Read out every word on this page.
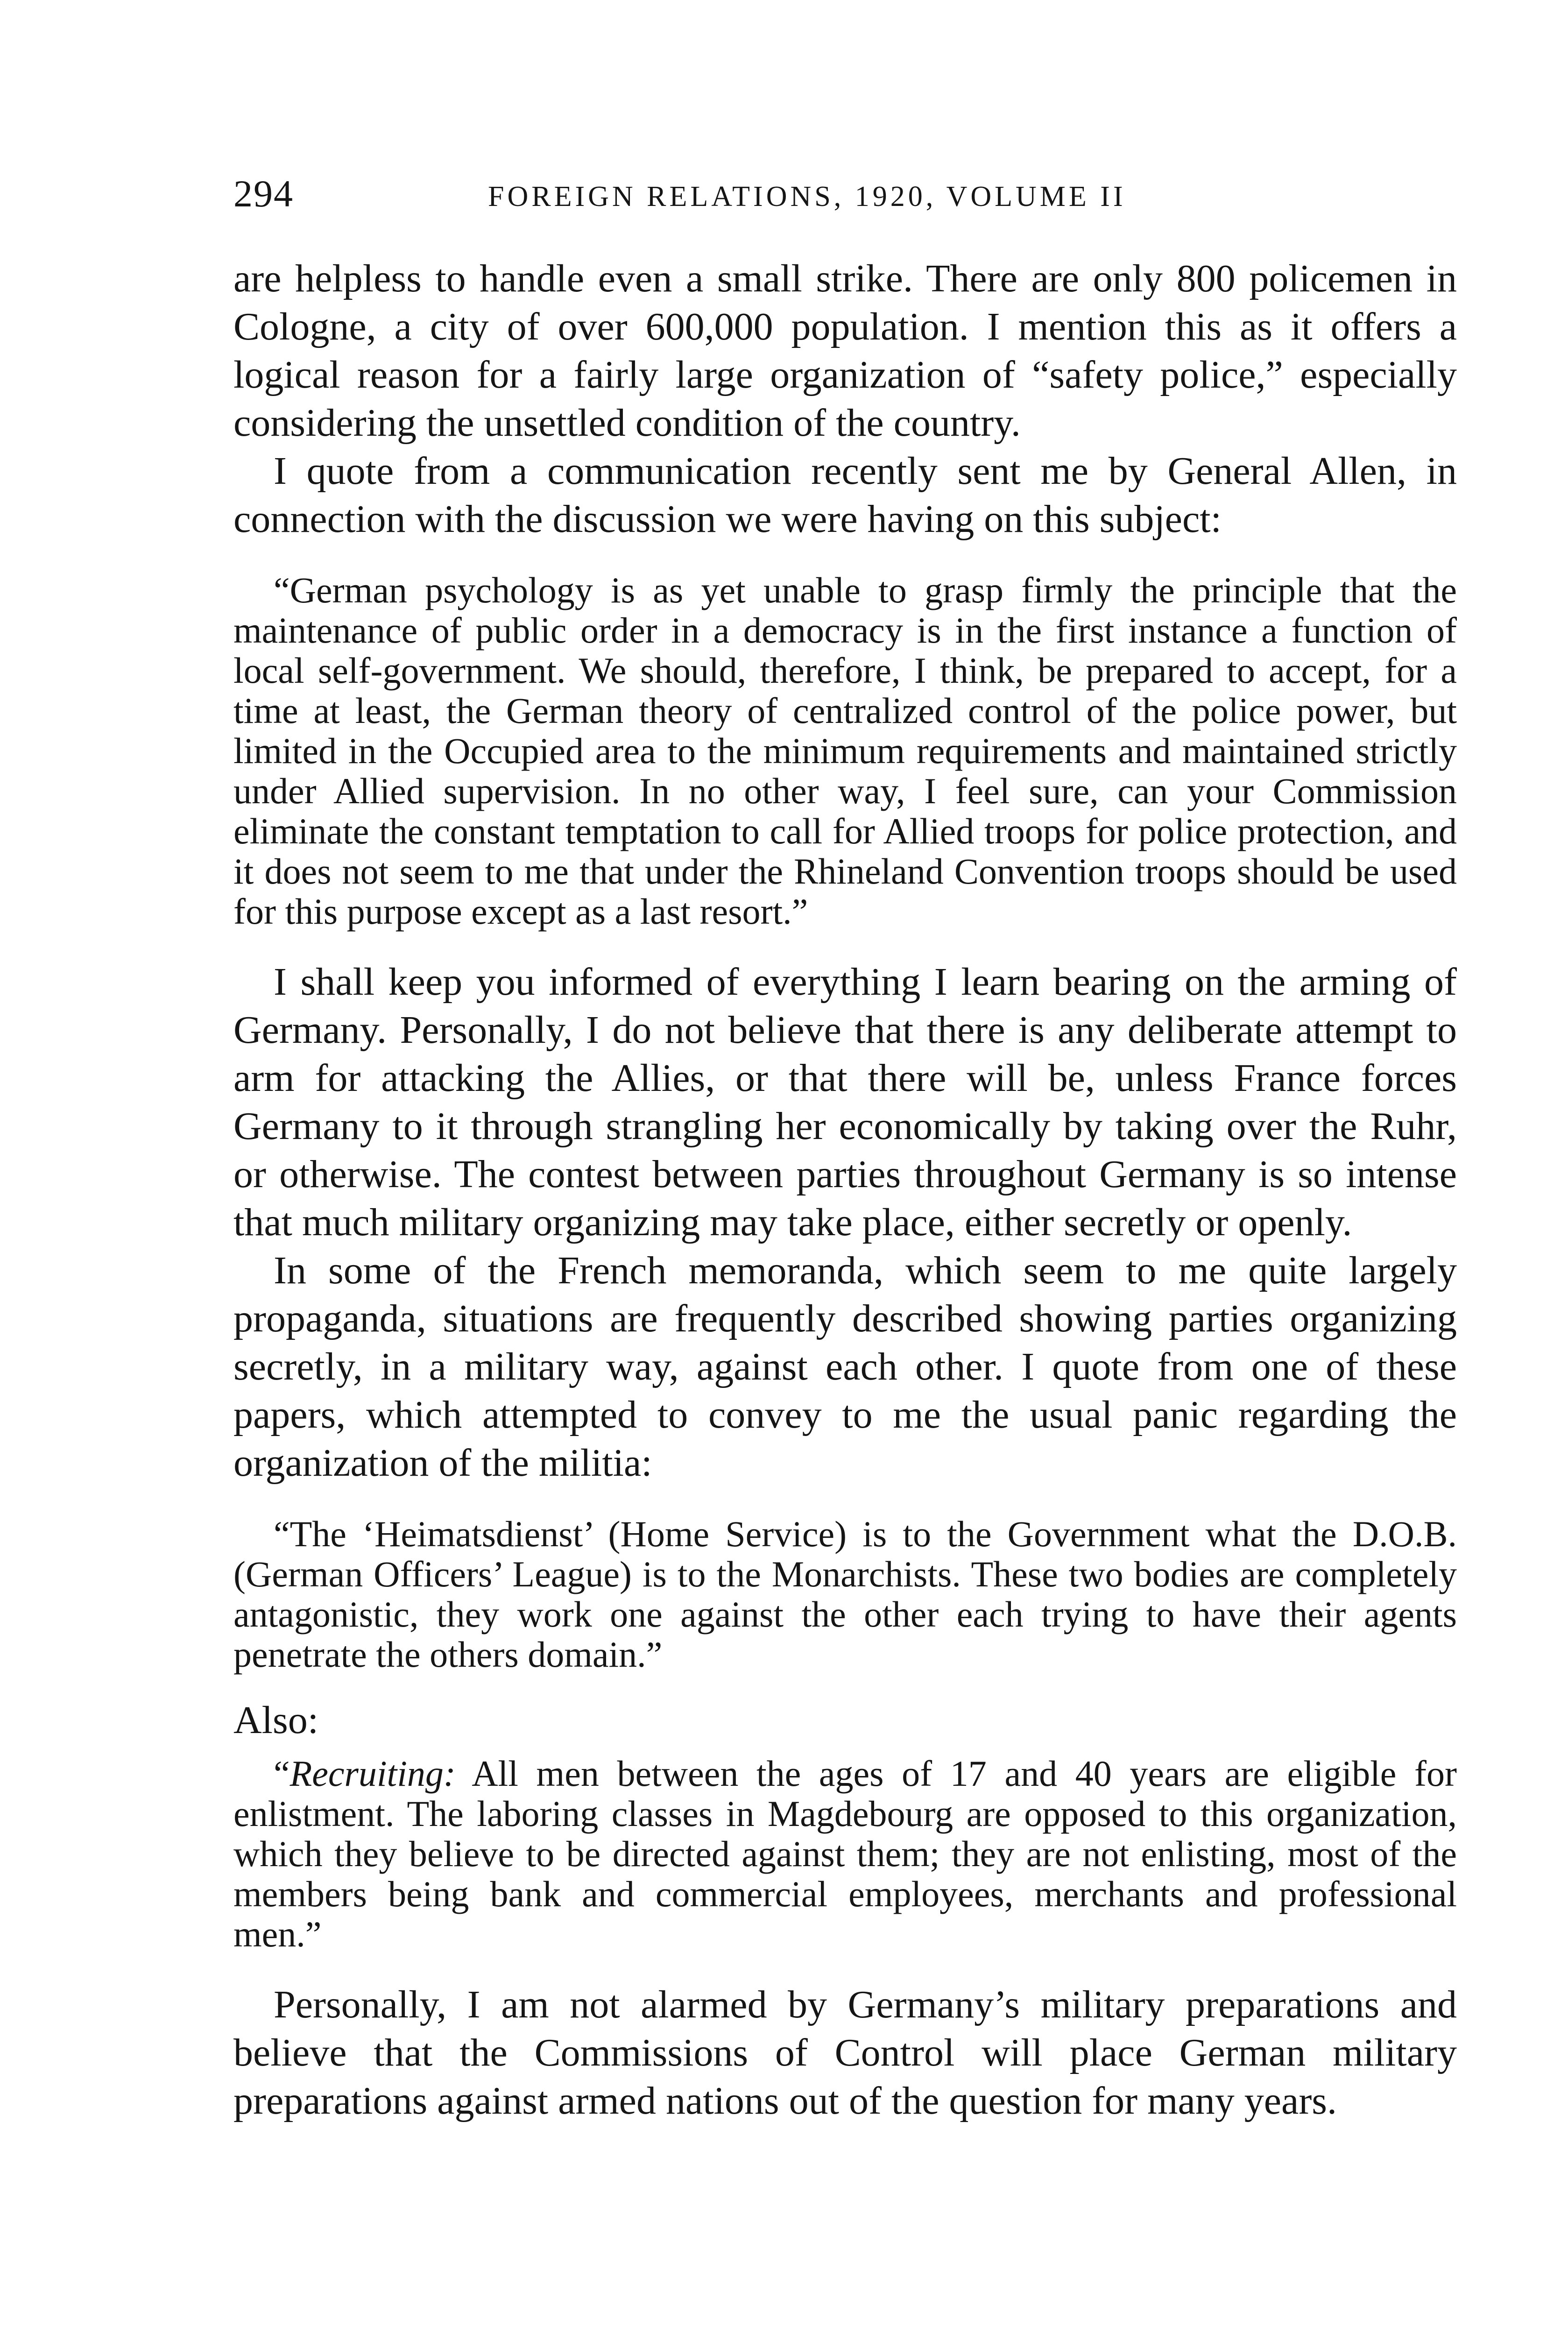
294	FOREIGN RELATIONS, 1920, VOLUME II

are helpless to handle even a small strike. There are only 800 policemen in Cologne, a city of over 600,000 population. I mention this as it offers a logical reason for a fairly large organization of “safety police,” especially considering the unsettled condition of the country.

I quote from a communication recently sent me by General Allen, in connection with the discussion we were having on this subject:

“German psychology is as yet unable to grasp firmly the principle that the maintenance of public order in a democracy is in the first instance a function of local self-government. We should, therefore, I think, be prepared to accept, for a time at least, the German theory of centralized control of the police power, but limited in the Occupied area to the minimum requirements and maintained strictly under Allied supervision. In no other way, I feel sure, can your Commission eliminate the constant temptation to call for Allied troops for police protection, and it does not seem to me that under the Rhineland Convention troops should be used for this purpose except as a last resort.”

I shall keep you informed of everything I learn bearing on the arming of Germany. Personally, I do not believe that there is any deliberate attempt to arm for attacking the Allies, or that there will be, unless France forces Germany to it through strangling her economically by taking over the Ruhr, or otherwise. The contest between parties throughout Germany is so intense that much military organizing may take place, either secretly or openly.

In some of the French memoranda, which seem to me quite largely propaganda, situations are frequently described showing parties organizing secretly, in a military way, against each other. I quote from one of these papers, which attempted to convey to me the usual panic regarding the organization of the militia:

“The ‘Heimatsdienst’ (Home Service) is to the Government what the D.O.B. (German Officers’ League) is to the Monarchists. These two bodies are completely antagonistic, they work one against the other each trying to have their agents penetrate the others domain.”

Also:

“Recruiting: All men between the ages of 17 and 40 years are eligible for enlistment. The laboring classes in Magdebourg are opposed to this organization, which they believe to be directed against them; they are not enlisting, most of the members being bank and commercial employees, merchants and professional men.”

Personally, I am not alarmed by Germany’s military preparations and believe that the Commissions of Control will place German military preparations against armed nations out of the question for many years.
